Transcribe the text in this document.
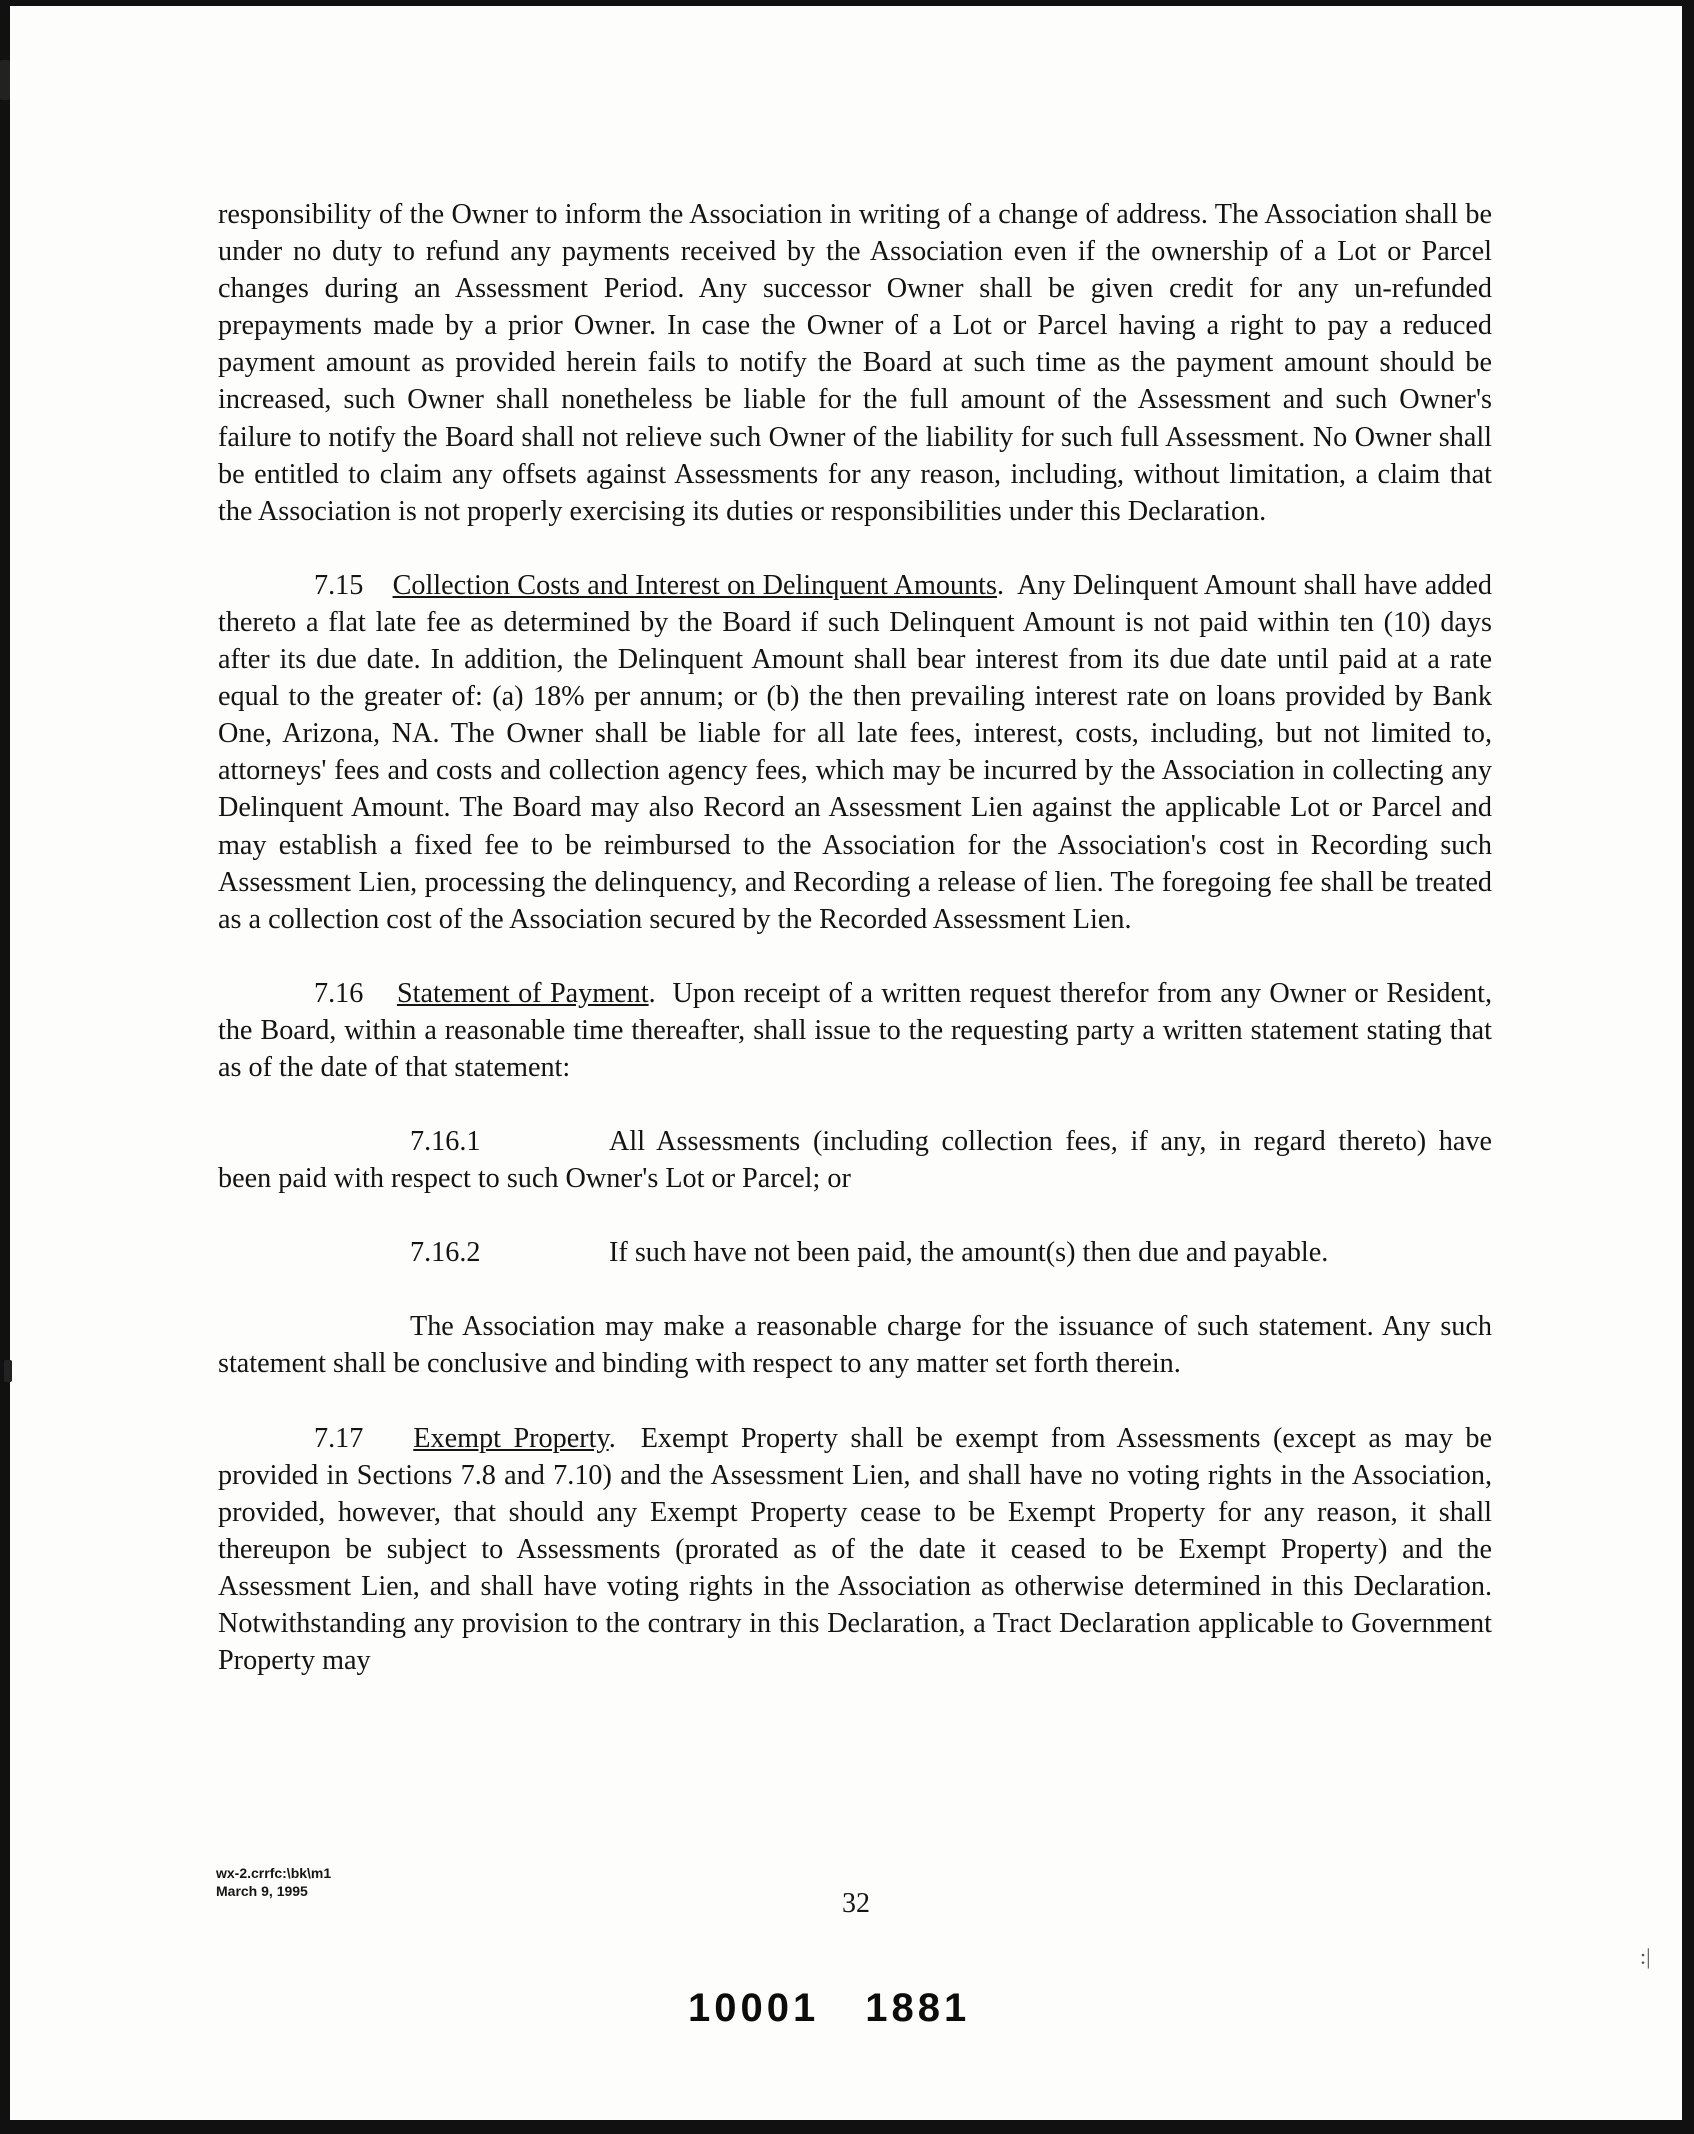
responsibility of the Owner to inform the Association in writing of a change of address. The Association shall be under no duty to refund any payments received by the Association even if the ownership of a Lot or Parcel changes during an Assessment Period. Any successor Owner shall be given credit for any un-refunded prepayments made by a prior Owner. In case the Owner of a Lot or Parcel having a right to pay a reduced payment amount as provided herein fails to notify the Board at such time as the payment amount should be increased, such Owner shall nonetheless be liable for the full amount of the Assessment and such Owner's failure to notify the Board shall not relieve such Owner of the liability for such full Assessment. No Owner shall be entitled to claim any offsets against Assessments for any reason, including, without limitation, a claim that the Association is not properly exercising its duties or responsibilities under this Declaration.

7.15 Collection Costs and Interest on Delinquent Amounts.  Any Delinquent Amount shall have added thereto a flat late fee as determined by the Board if such Delinquent Amount is not paid within ten (10) days after its due date. In addition, the Delinquent Amount shall bear interest from its due date until paid at a rate equal to the greater of: (a) 18% per annum; or (b) the then prevailing interest rate on loans provided by Bank One, Arizona, NA. The Owner shall be liable for all late fees, interest, costs, including, but not limited to, attorneys' fees and costs and collection agency fees, which may be incurred by the Association in collecting any Delinquent Amount. The Board may also Record an Assessment Lien against the applicable Lot or Parcel and may establish a fixed fee to be reimbursed to the Association for the Association's cost in Recording such Assessment Lien, processing the delinquency, and Recording a release of lien. The foregoing fee shall be treated as a collection cost of the Association secured by the Recorded Assessment Lien.

7.16 Statement of Payment.  Upon receipt of a written request therefor from any Owner or Resident, the Board, within a reasonable time thereafter, shall issue to the requesting party a written statement stating that as of the date of that statement:

7.16.1	All Assessments (including collection fees, if any, in regard thereto) have been paid with respect to such Owner's Lot or Parcel; or

7.16.2	If such have not been paid, the amount(s) then due and payable.

The Association may make a reasonable charge for the issuance of such statement. Any such statement shall be conclusive and binding with respect to any matter set forth therein.

7.17 Exempt Property.  Exempt Property shall be exempt from Assessments (except as may be provided in Sections 7.8 and 7.10) and the Assessment Lien, and shall have no voting rights in the Association, provided, however, that should any Exempt Property cease to be Exempt Property for any reason, it shall thereupon be subject to Assessments (prorated as of the date it ceased to be Exempt Property) and the Assessment Lien, and shall have voting rights in the Association as otherwise determined in this Declaration. Notwithstanding any provision to the contrary in this Declaration, a Tract Declaration applicable to Government Property may

wx-2.crrfc:\bk\m1
March 9, 1995	32
10001 1881
:|
